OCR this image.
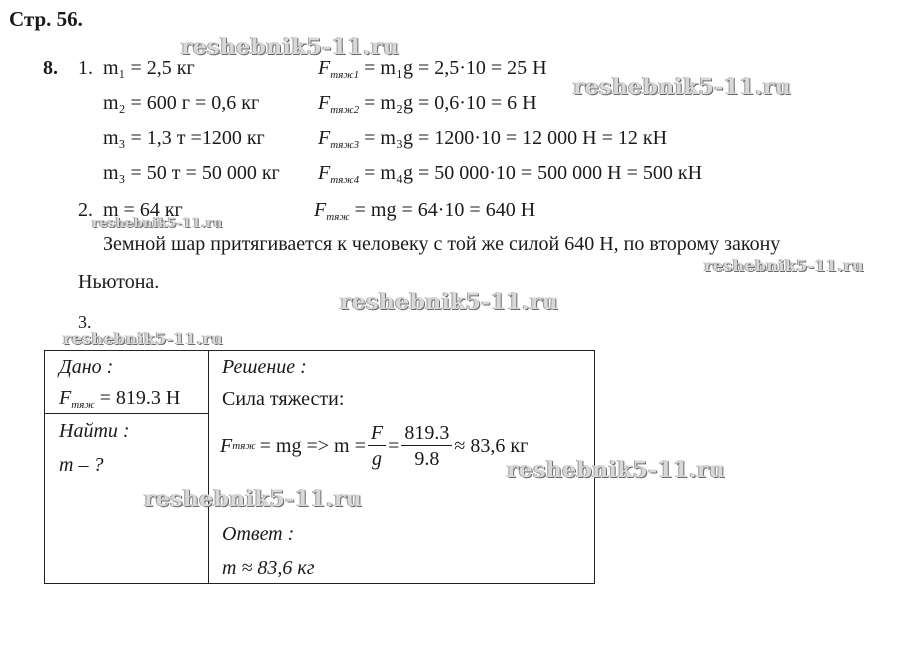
Стр. 56.
8. 1. m₁ = 2,5 кг	$F_{тяж1} = m_1g = 2,5\cdot 10 = 25$ Н
m₂ = 600 г = 0,6 кг	$F_{тяж2} = m_2g = 0,6\cdot 10 = 6$ Н
m₃ = 1,3 т =1200 кг	$F_{тяж3} = m_3g = 1200\cdot 10 = 12$ 000 Н = 12 кН
m₃ = 50 т = 50 000 кг $F_{тяж4} = m_4g = 50$ 000·10 = 500 000 Н = 500 кН
2. m = 64 кг	$F_{тяж}$ = mg = 64·10 = 640 Н
Земной шар притягивается к человеку с той же силой 640 Н, по второму закону
Ньютона.
3.
Дано :
$F_{тяж} = 819.3$ Н
Найти :
m – ?
Решение :
Сила тяжести:
F тяж = mg => $m = \frac{F}{g} = \frac{819.3}{9.8} \approx 83,6$ кг
Ответ :
m ≈ 83,6 кг
reshebnik5-11.ru
reshebnik5-11.ru
reshebnik5-11.ru
reshebnik5-11.ru
reshebnik5-11.ru
reshebnik5-11.ru
reshebnik5-11.ru
reshebnik5-11.ru
